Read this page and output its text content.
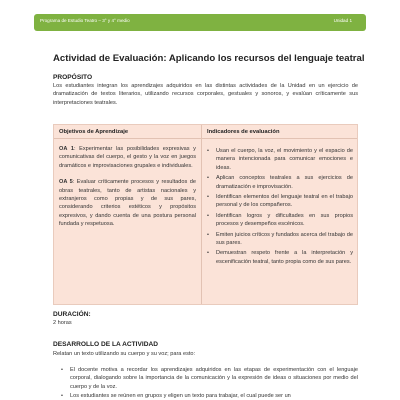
Programa de Estudio Teatro – 3° y 4° medio	Unidad 1
Actividad de Evaluación: Aplicando los recursos del lenguaje teatral
PROPÓSITO
Los estudiantes integran los aprendizajes adquiridos en las distintas actividades de la Unidad en un ejercicio de dramatización de textos literarios, utilizando recursos corporales, gestuales y sonoros, y evalúan críticamente sus interpretaciones teatrales.
Objetivos de Aprendizaje	Indicadores de evaluación
OA 1: Experimentar las posibilidades expresivas y comunicativas del cuerpo, el gesto y la voz en juegos dramáticos e improvisaciones grupales e individuales.
OA 5: Evaluar críticamente procesos y resultados de obras teatrales, tanto de artistas nacionales y extranjeros como propias y de sus pares, considerando criterios estéticos y propósitos expresivos, y dando cuenta de una postura personal fundada y respetuosa.
• Usan el cuerpo, la voz, el movimiento y el espacio de manera intencionada para comunicar emociones e ideas.
• Aplican conceptos teatrales a sus ejercicios de dramatización e improvisación.
• Identifican elementos del lenguaje teatral en el trabajo personal y de los compañeros.
• Identifican logros y dificultades en sus propios procesos y desempeños escénicos.
• Emiten juicios críticos y fundados acerca del trabajo de sus pares.
• Demuestran respeto frente a la interpretación y escenificación teatral, tanto propia como de sus pares.
DURACIÓN:
2 horas
DESARROLLO DE LA ACTIVIDAD
Relatan un texto utilizando su cuerpo y su voz; para esto:
• El docente motiva a recordar los aprendizajes adquiridos en las etapas de experimentación con el lenguaje corporal, dialogando sobre la importancia de la comunicación y la expresión de ideas o situaciones por medio del cuerpo y de la voz.
• Los estudiantes se reúnen en grupos y eligen un texto para trabajar, el cual puede ser un
